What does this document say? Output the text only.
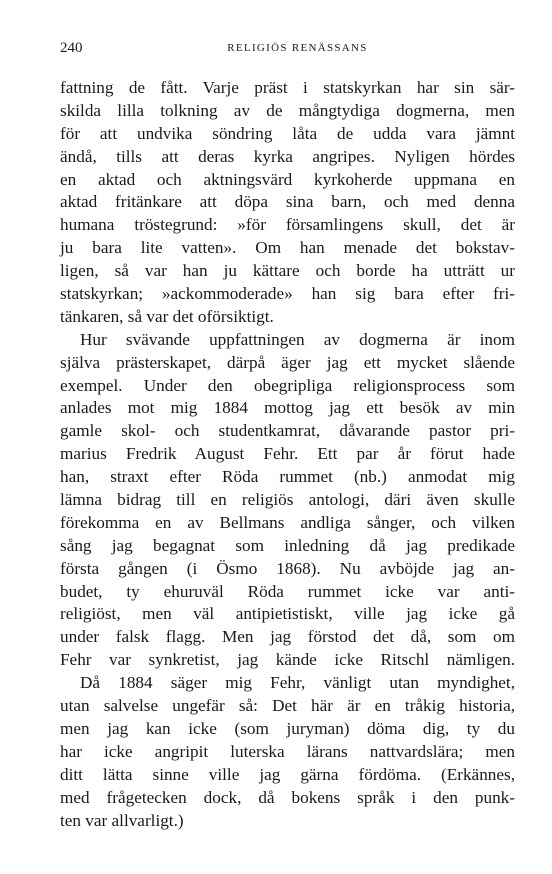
240	RELIGIÖS RENÄSSANS
fattning de fått. Varje präst i statskyrkan har sin sär-
skilda lilla tolkning av de mångtydiga dogmerna, men
för att undvika söndring låta de udda vara jämnt
ändå, tills att deras kyrka angripes. Nyligen hördes
en aktad och aktningsvärd kyrkoherde uppmana en
aktad fritänkare att döpa sina barn, och med denna
humana tröstegrund: »för församlingens skull, det är
ju bara lite vatten». Om han menade det bokstav-
ligen, så var han ju kättare och borde ha utträtt ur
statskyrkan; »ackommoderade» han sig bara efter fri-
tänkaren, så var det oförsiktigt.
Hur svävande uppfattningen av dogmerna är inom
själva prästerskapet, därpå äger jag ett mycket slående
exempel. Under den obegripliga religionsprocess som
anlades mot mig 1884 mottog jag ett besök av min
gamle skol- och studentkamrat, dåvarande pastor pri-
marius Fredrik August Fehr. Ett par år förut hade
han, straxt efter Röda rummet (nb.) anmodat mig
lämna bidrag till en religiös antologi, däri även skulle
förekomma en av Bellmans andliga sånger, och vilken
sång jag begagnat som inledning då jag predikade
första gången (i Ösmo 1868). Nu avböjde jag an-
budet, ty ehuruväl Röda rummet icke var anti-
religiöst, men väl antipietistiskt, ville jag icke gå
under falsk flagg. Men jag förstod det då, som om
Fehr var synkretist, jag kände icke Ritschl nämligen.
Då 1884 säger mig Fehr, vänligt utan myndighet,
utan salvelse ungefär så: Det här är en tråkig historia,
men jag kan icke (som juryman) döma dig, ty du
har icke angripit luterska lärans nattvardslära; men
ditt lätta sinne ville jag gärna fördöma. (Erkännes,
med frågetecken dock, då bokens språk i den punk-
ten var allvarligt.)
